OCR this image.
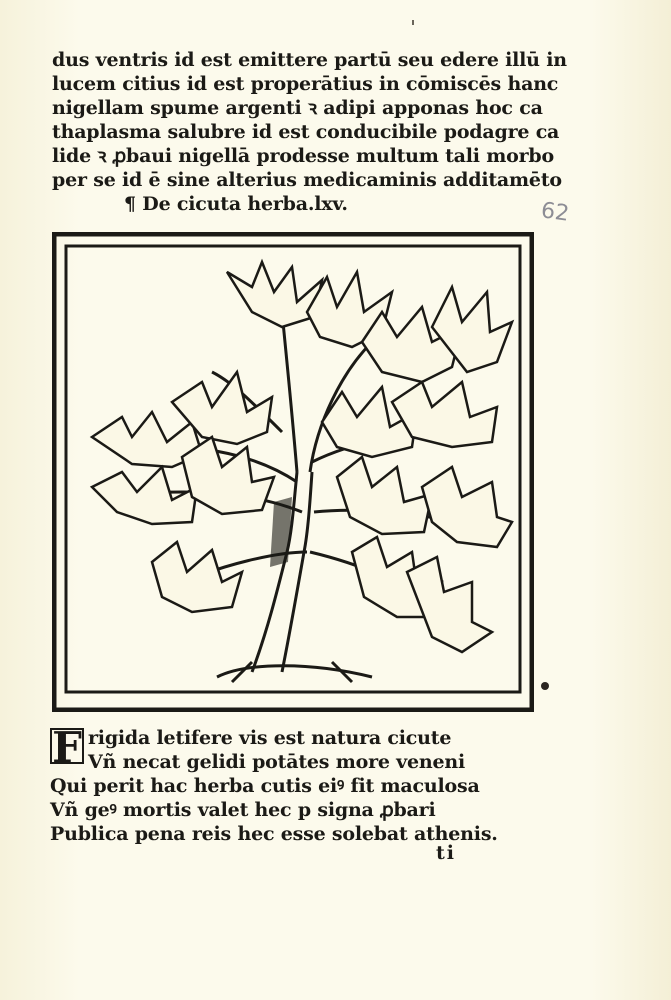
dus ventris id est emittere partū seu edere illū in
lucem citius id est properātius in cōmiscēs hanc
nigellam spume argenti ꝛ adipi apponas hoc ca
thaplasma salubre id est conducibile podagre ca
lide ꝛ ꝓbaui nigellā prodesse multum tali morbo
per se id ē sine alterius medicaminis additamēto
¶ De cicuta herba.lxv.	62
F rigida letifere vis est natura cicute
Vñ necat gelidi potātes more veneni
Qui perit hac herba cutis eiꝰ fit maculosa
Vñ geꝰ mortis valet hec p signa ꝓbari
Publica pena reis hec esse solebat athenis.
ti
